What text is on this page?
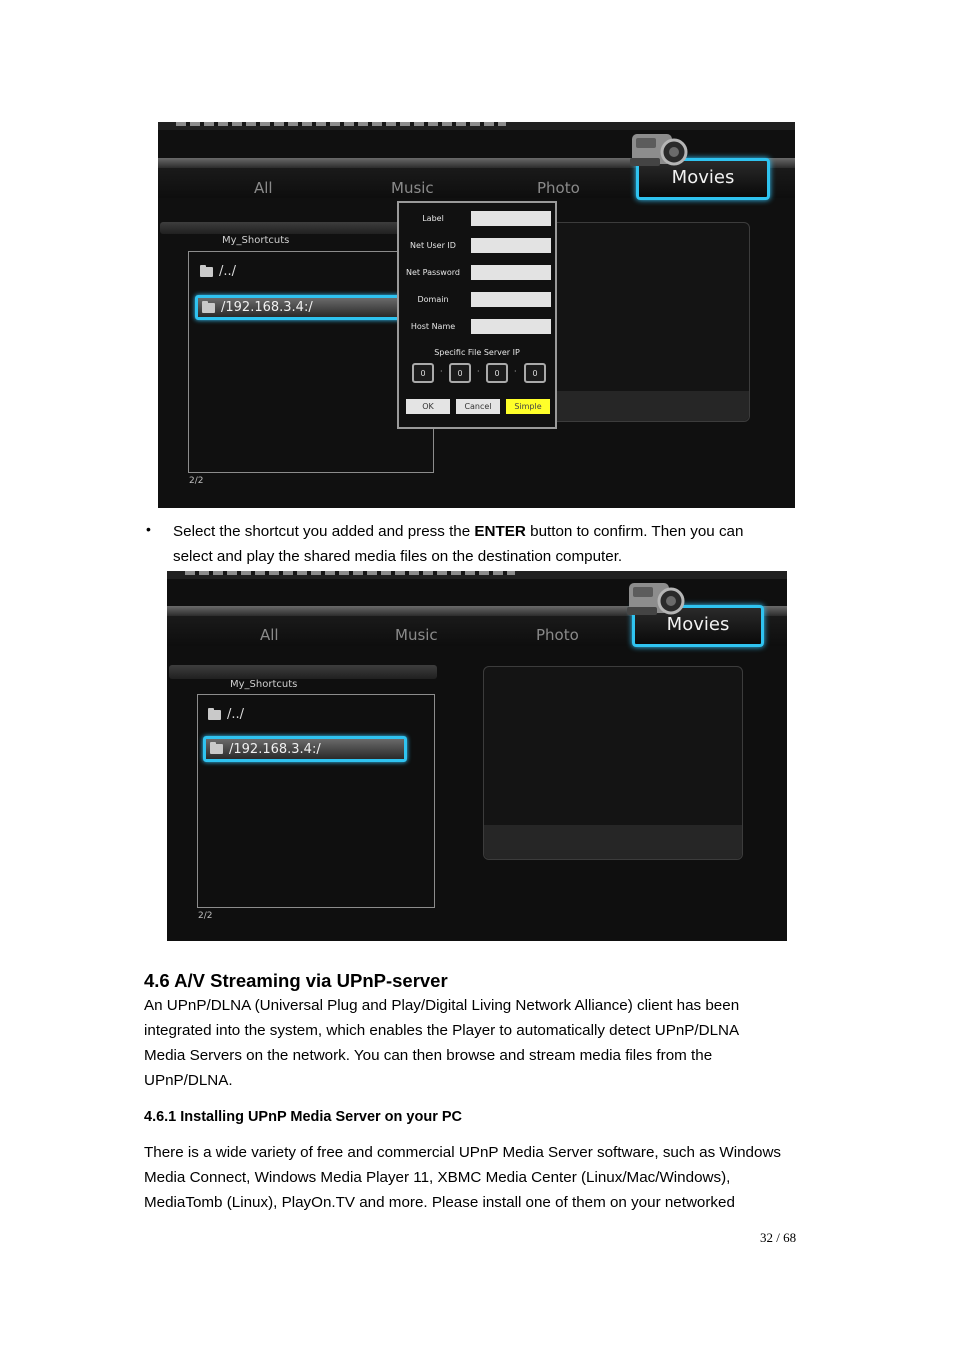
All	Music	Photo	Movies
My_Shortcuts
/../
/192.168.3.4:/
2/2
Label
Net User ID
Net Password
Domain
Host Name
Specific File Server IP
0	·	0	·	0	·	0
OK	Cancel	Simple
• Select the shortcut you added and press the ENTER button to confirm. Then you can
select and play the shared media files on the destination computer.
All	Music	Photo	Movies
My_Shortcuts
/../
/192.168.3.4:/
2/2
4.6 A/V Streaming via UPnP-server
An UPnP/DLNA (Universal Plug and Play/Digital Living Network Alliance) client has been
integrated into the system, which enables the Player to automatically detect UPnP/DLNA
Media Servers on the network. You can then browse and stream media files from the
UPnP/DLNA.
4.6.1 Installing UPnP Media Server on your PC
There is a wide variety of free and commercial UPnP Media Server software, such as Windows
Media Connect, Windows Media Player 11, XBMC Media Center (Linux/Mac/Windows),
MediaTomb (Linux), PlayOn.TV and more. Please install one of them on your networked
32 / 68
